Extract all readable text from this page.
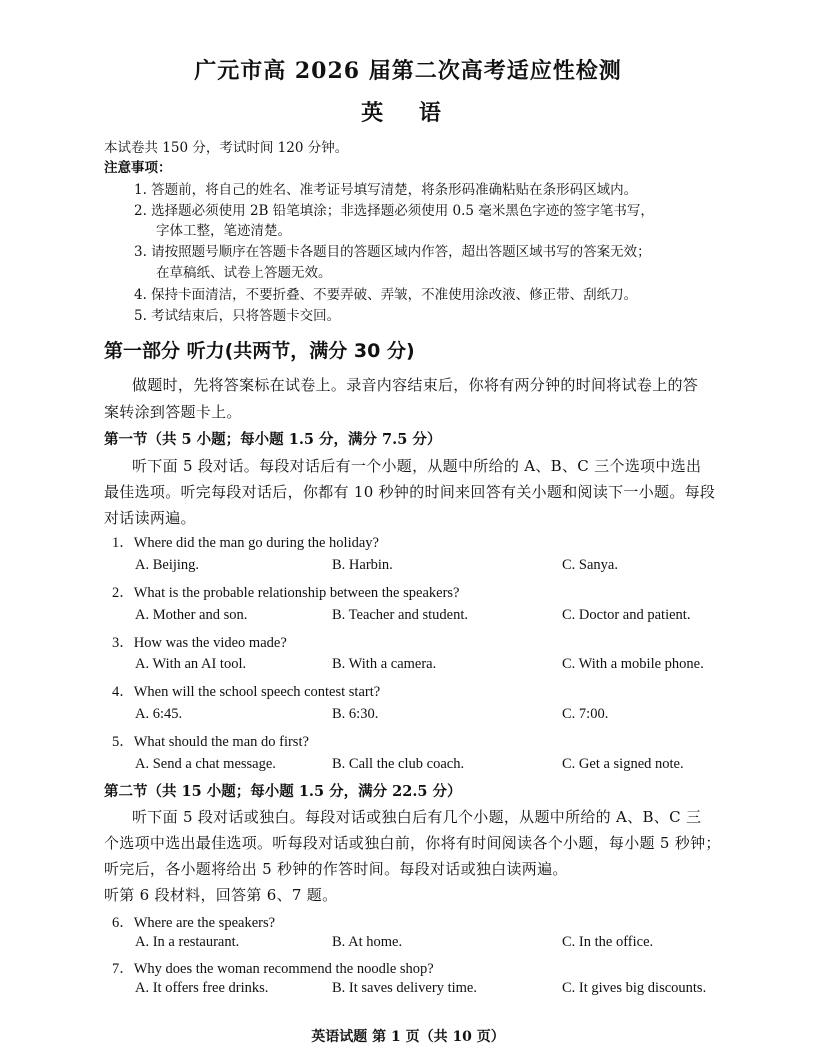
广元市高 2026 届第二次高考适应性检测
英 语
本试卷共 150 分，考试时间 120 分钟。
注意事项：
1. 答题前，将自己的姓名、准考证号填写清楚，将条形码准确粘贴在条形码区域内。
2. 选择题必须使用 2B 铅笔填涂；非选择题必须使用 0.5 毫米黑色字迹的签字笔书写，
字体工整，笔迹清楚。
3. 请按照题号顺序在答题卡各题目的答题区域内作答，超出答题区域书写的答案无效；
在草稿纸、试卷上答题无效。
4. 保持卡面清洁，不要折叠、不要弄破、弄皱，不准使用涂改液、修正带、刮纸刀。
5. 考试结束后，只将答题卡交回。
第一部分 听力(共两节，满分 30 分)
做题时，先将答案标在试卷上。录音内容结束后，你将有两分钟的时间将试卷上的答
案转涂到答题卡上。
第一节（共 5 小题；每小题 1.5 分，满分 7.5 分）
听下面 5 段对话。每段对话后有一个小题，从题中所给的 A、B、C 三个选项中选出
最佳选项。听完每段对话后，你都有 10 秒钟的时间来回答有关小题和阅读下一小题。每段
对话读两遍。
1．Where did the man go during the holiday?
A. Beijing.	B. Harbin.	C. Sanya.
2．What is the probable relationship between the speakers?
A. Mother and son.	B. Teacher and student.	C. Doctor and patient.
3．How was the video made?
A. With an AI tool.	B. With a camera.	C. With a mobile phone.
4．When will the school speech contest start?
A. 6:45.	B. 6:30.	C. 7:00.
5．What should the man do first?
A. Send a chat message.	B. Call the club coach.	C. Get a signed note.
第二节（共 15 小题；每小题 1.5 分，满分 22.5 分）
听下面 5 段对话或独白。每段对话或独白后有几个小题，从题中所给的 A、B、C 三
个选项中选出最佳选项。听每段对话或独白前，你将有时间阅读各个小题，每小题 5 秒钟；
听完后，各小题将给出 5 秒钟的作答时间。每段对话或独白读两遍。
听第 6 段材料，回答第 6、7 题。
6．Where are the speakers?
A. In a restaurant.	B. At home.	C. In the office.
7．Why does the woman recommend the noodle shop?
A. It offers free drinks.	B. It saves delivery time.	C. It gives big discounts.
英语试题 第 1 页（共 10 页）
